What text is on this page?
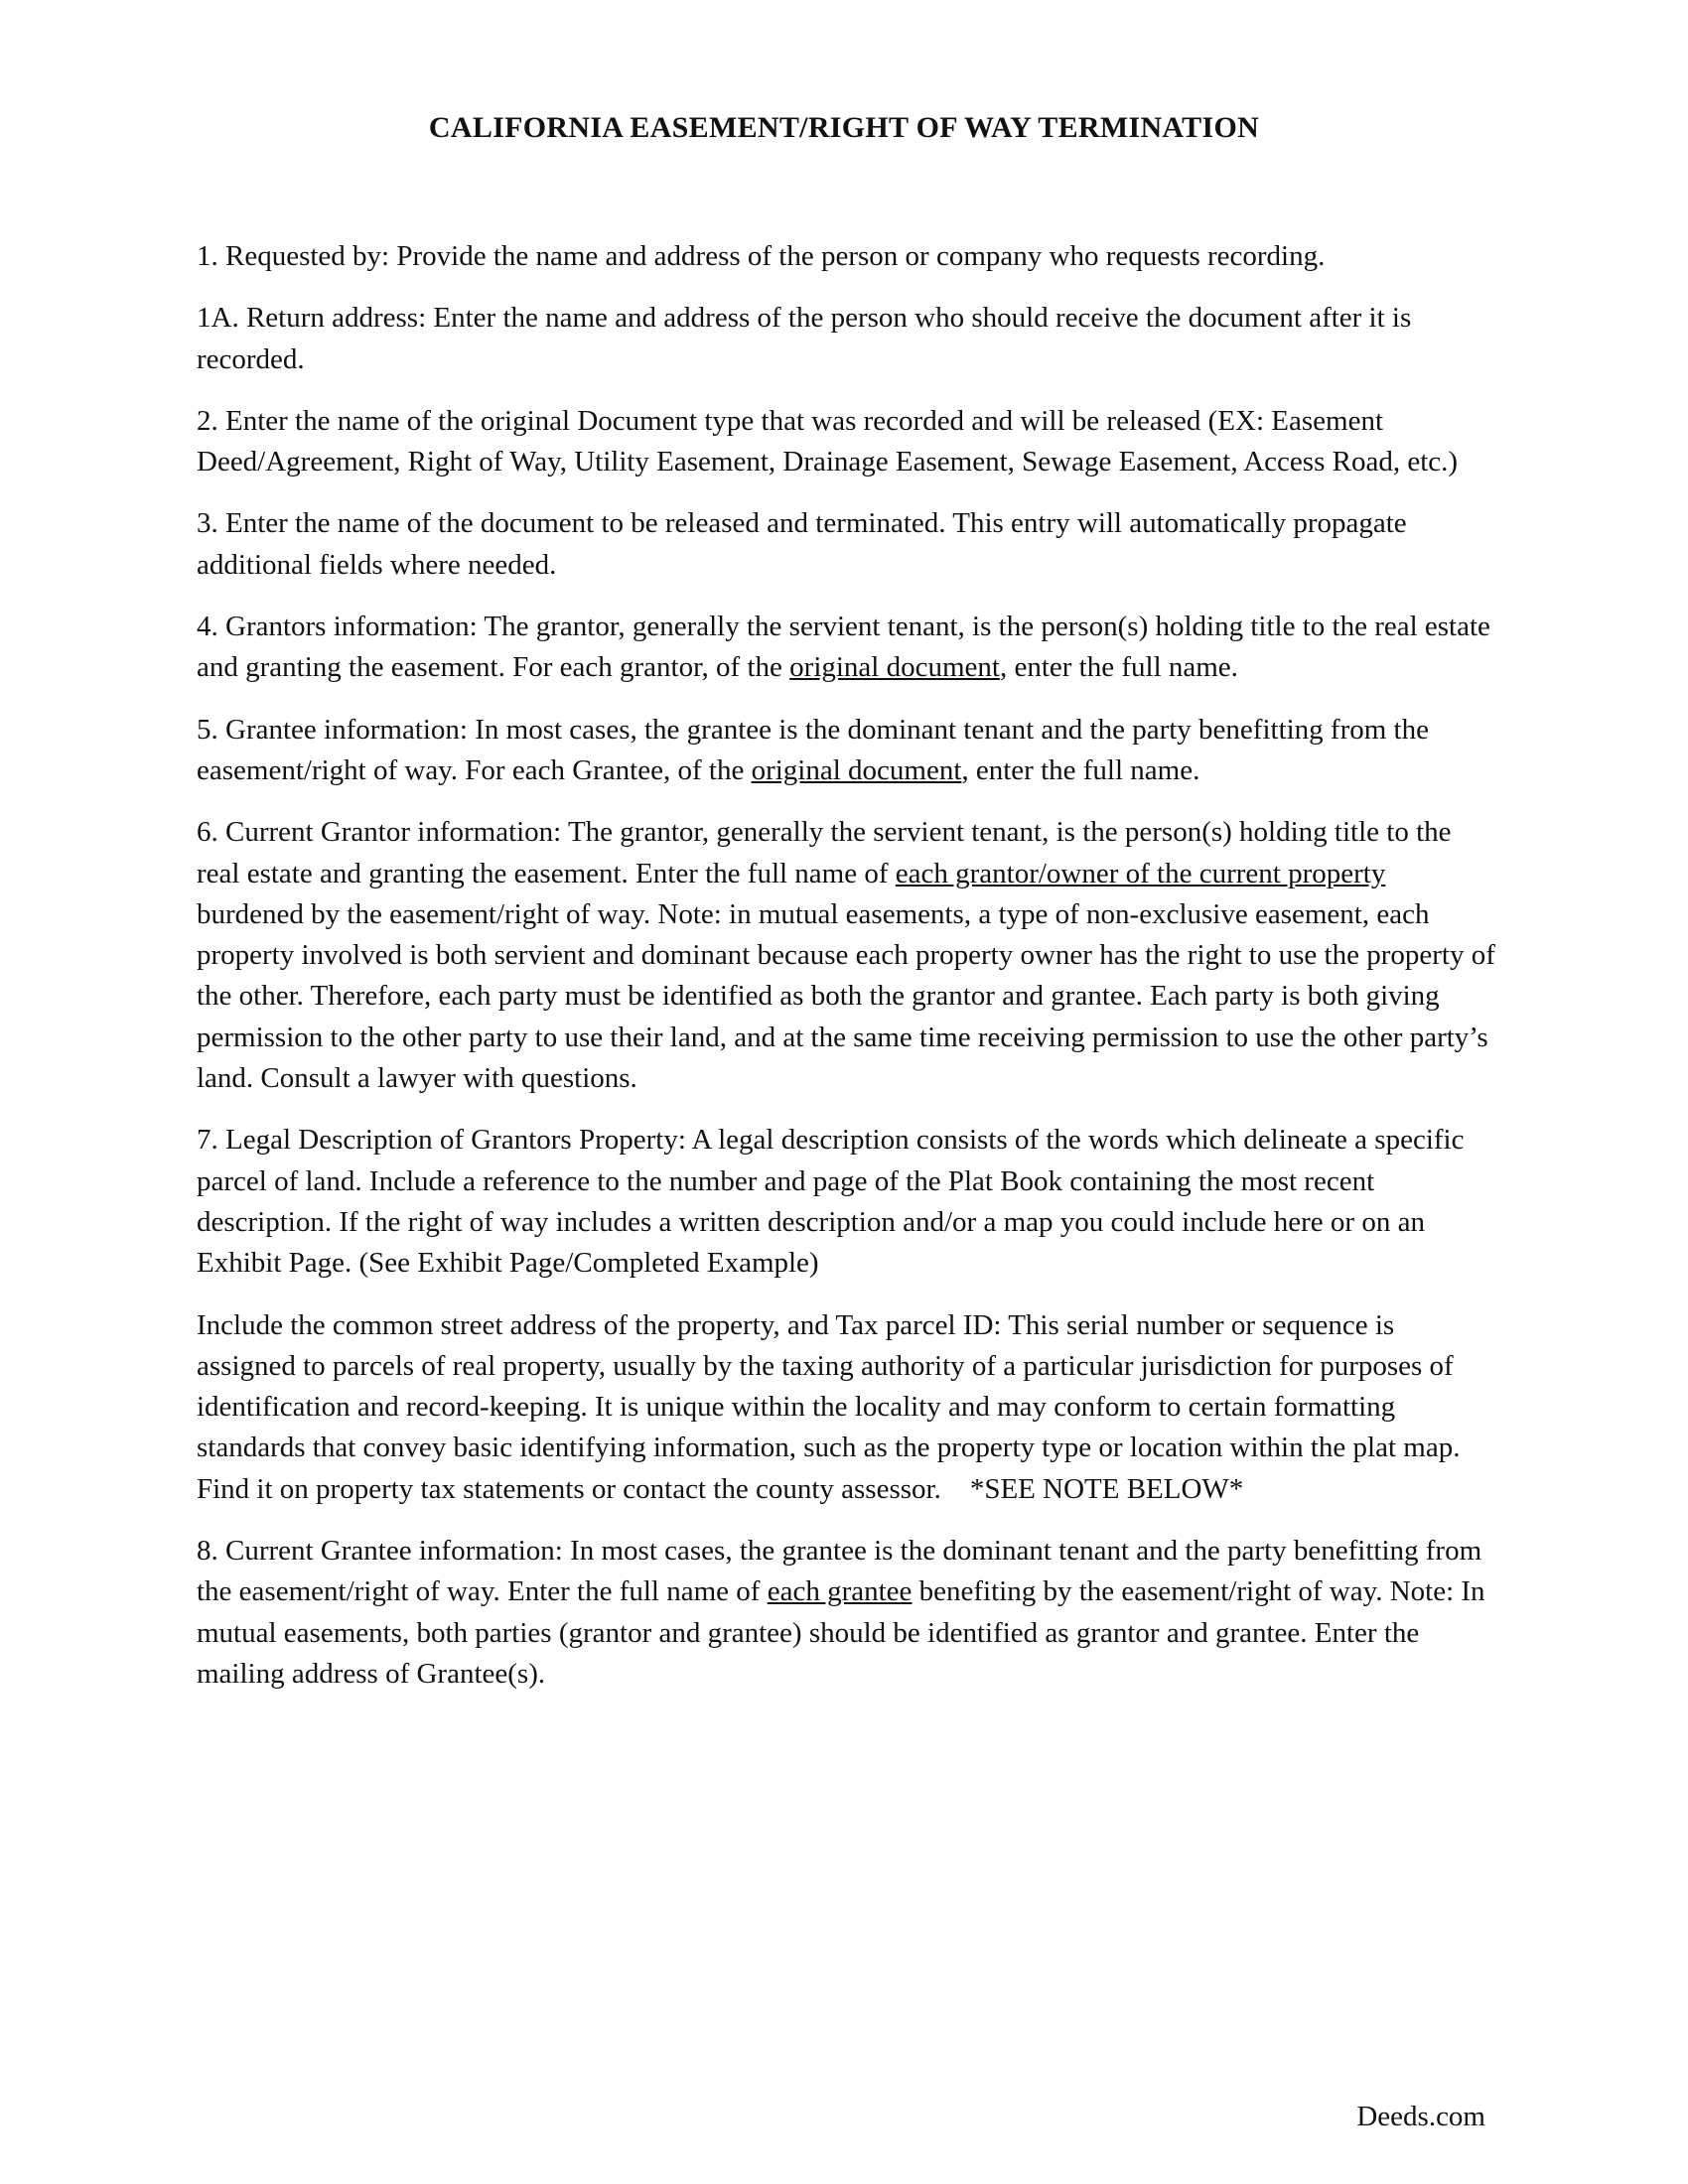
CALIFORNIA EASEMENT/RIGHT OF WAY TERMINATION

1. Requested by: Provide the name and address of the person or company who requests recording.

1A. Return address: Enter the name and address of the person who should receive the document after it is recorded.

2. Enter the name of the original Document type that was recorded and will be released (EX: Easement Deed/Agreement, Right of Way, Utility Easement, Drainage Easement, Sewage Easement, Access Road, etc.)

3. Enter the name of the document to be released and terminated. This entry will automatically propagate additional fields where needed.

4. Grantors information: The grantor, generally the servient tenant, is the person(s) holding title to the real estate and granting the easement. For each grantor, of the original document, enter the full name.

5. Grantee information: In most cases, the grantee is the dominant tenant and the party benefitting from the easement/right of way. For each Grantee, of the original document, enter the full name.

6. Current Grantor information: The grantor, generally the servient tenant, is the person(s) holding title to the real estate and granting the easement. Enter the full name of each grantor/owner of the current property burdened by the easement/right of way. Note: in mutual easements, a type of non-exclusive easement, each property involved is both servient and dominant because each property owner has the right to use the property of the other. Therefore, each party must be identified as both the grantor and grantee. Each party is both giving permission to the other party to use their land, and at the same time receiving permission to use the other party’s land. Consult a lawyer with questions.

7. Legal Description of Grantors Property: A legal description consists of the words which delineate a specific parcel of land. Include a reference to the number and page of the Plat Book containing the most recent description. If the right of way includes a written description and/or a map you could include here or on an Exhibit Page. (See Exhibit Page/Completed Example)

Include the common street address of the property, and Tax parcel ID: This serial number or sequence is assigned to parcels of real property, usually by the taxing authority of a particular jurisdiction for purposes of identification and record-keeping. It is unique within the locality and may conform to certain formatting standards that convey basic identifying information, such as the property type or location within the plat map. Find it on property tax statements or contact the county assessor.    *SEE NOTE BELOW*

8. Current Grantee information: In most cases, the grantee is the dominant tenant and the party benefitting from the easement/right of way. Enter the full name of each grantee benefiting by the easement/right of way. Note: In mutual easements, both parties (grantor and grantee) should be identified as grantor and grantee. Enter the mailing address of Grantee(s).

Deeds.com
